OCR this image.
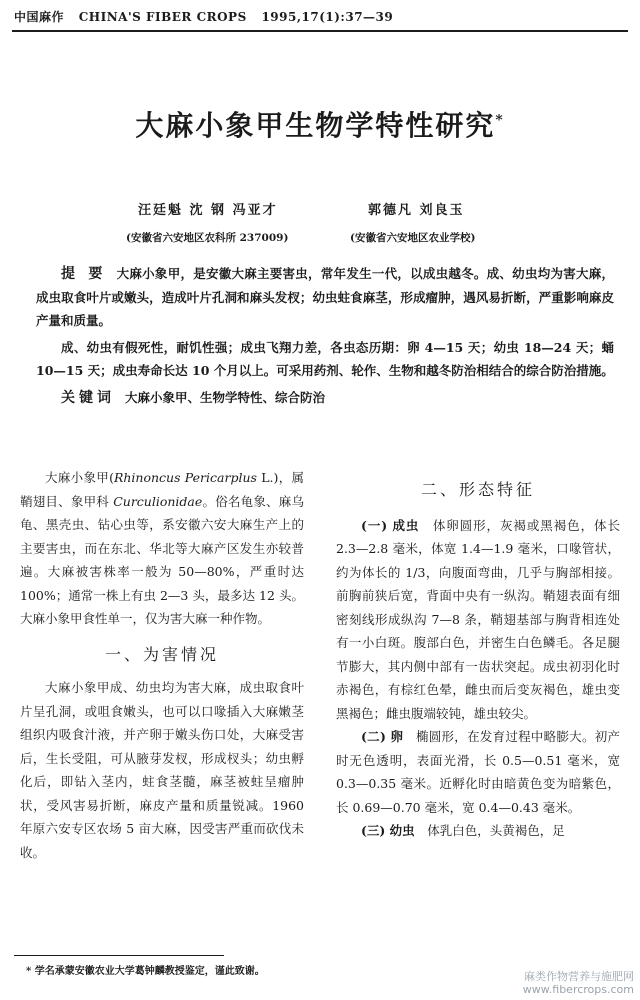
中国麻作 CHINA'S FIBER CROPS 1995,17(1):37—39
大麻小象甲生物学特性研究*
汪廷魁 沈 钢 冯亚才	郭德凡 刘良玉
(安徽省六安地区农科所 237009)	(安徽省六安地区农业学校)

提 要 大麻小象甲，是安徽大麻主要害虫，常年发生一代，以成虫越冬。成、幼虫均为害大麻，成虫取食叶片或嫩头，造成叶片孔洞和麻头发杈；幼虫蛀食麻茎，形成瘤肿，遇风易折断，严重影响麻皮产量和质量。

成、幼虫有假死性，耐饥性强；成虫飞翔力差，各虫态历期：卵 4—15 天；幼虫 18—24 天；蛹 10—15 天；成虫寿命长达 10 个月以上。可采用药剂、轮作、生物和越冬防治相结合的综合防治措施。

关键词 大麻小象甲、生物学特性、综合防治

大麻小象甲(Rhinoncus Pericarplus L.)，属鞘翅目、象甲科 Curculionidae。俗名龟象、麻乌龟、黑壳虫、钻心虫等，系安徽六安大麻生产上的主要害虫，而在东北、华北等大麻产区发生亦较普遍。大麻被害株率一般为 50—80%，严重时达 100%；通常一株上有虫 2—3 头，最多达 12 头。大麻小象甲食性单一，仅为害大麻一种作物。

一、为害情况

大麻小象甲成、幼虫均为害大麻，成虫取食叶片呈孔洞，或咀食嫩头，也可以口喙插入大麻嫩茎组织内吸食汁液，并产卵于嫩头伤口处，大麻受害后，生长受阻，可从腋芽发杈，形成杈头；幼虫孵化后，即钻入茎内，蛀食茎髓，麻茎被蛀呈瘤肿状，受风害易折断，麻皮产量和质量锐减。1960 年原六安专区农场 5 亩大麻，因受害严重而砍伐未收。

二、形态特征

(一) 成虫　 体卵圆形，灰褐或黑褐色，体长 2.3—2.8 毫米，体宽 1.4—1.9 毫米，口喙管状，约为体长的 1/3，向腹面弯曲，几乎与胸部相接。前胸前狭后宽，背面中央有一纵沟。鞘翅表面有细密刻线形成纵沟 7—8 条，鞘翅基部与胸背相连处有一小白斑。腹部白色，并密生白色鳞毛。各足腿节膨大，其内侧中部有一齿状突起。成虫初羽化时赤褐色，有棕红色晕，雌虫而后变灰褐色，雄虫变黑褐色；雌虫腹端较钝，雄虫较尖。

(二) 卵　 椭圆形，在发育过程中略膨大。初产时无色透明，表面光滑，长 0.5—0.51 毫米，宽 0.3—0.35 毫米。近孵化时由暗黄色变为暗紫色，长 0.69—0.70 毫米，宽 0.4—0.43 毫米。

(三) 幼虫　 体乳白色，头黄褐色，足

* 学名承蒙安徽农业大学葛钟麟教授鉴定，谨此致谢。	麻类作物营养与施肥网
www.fibercrops.com
